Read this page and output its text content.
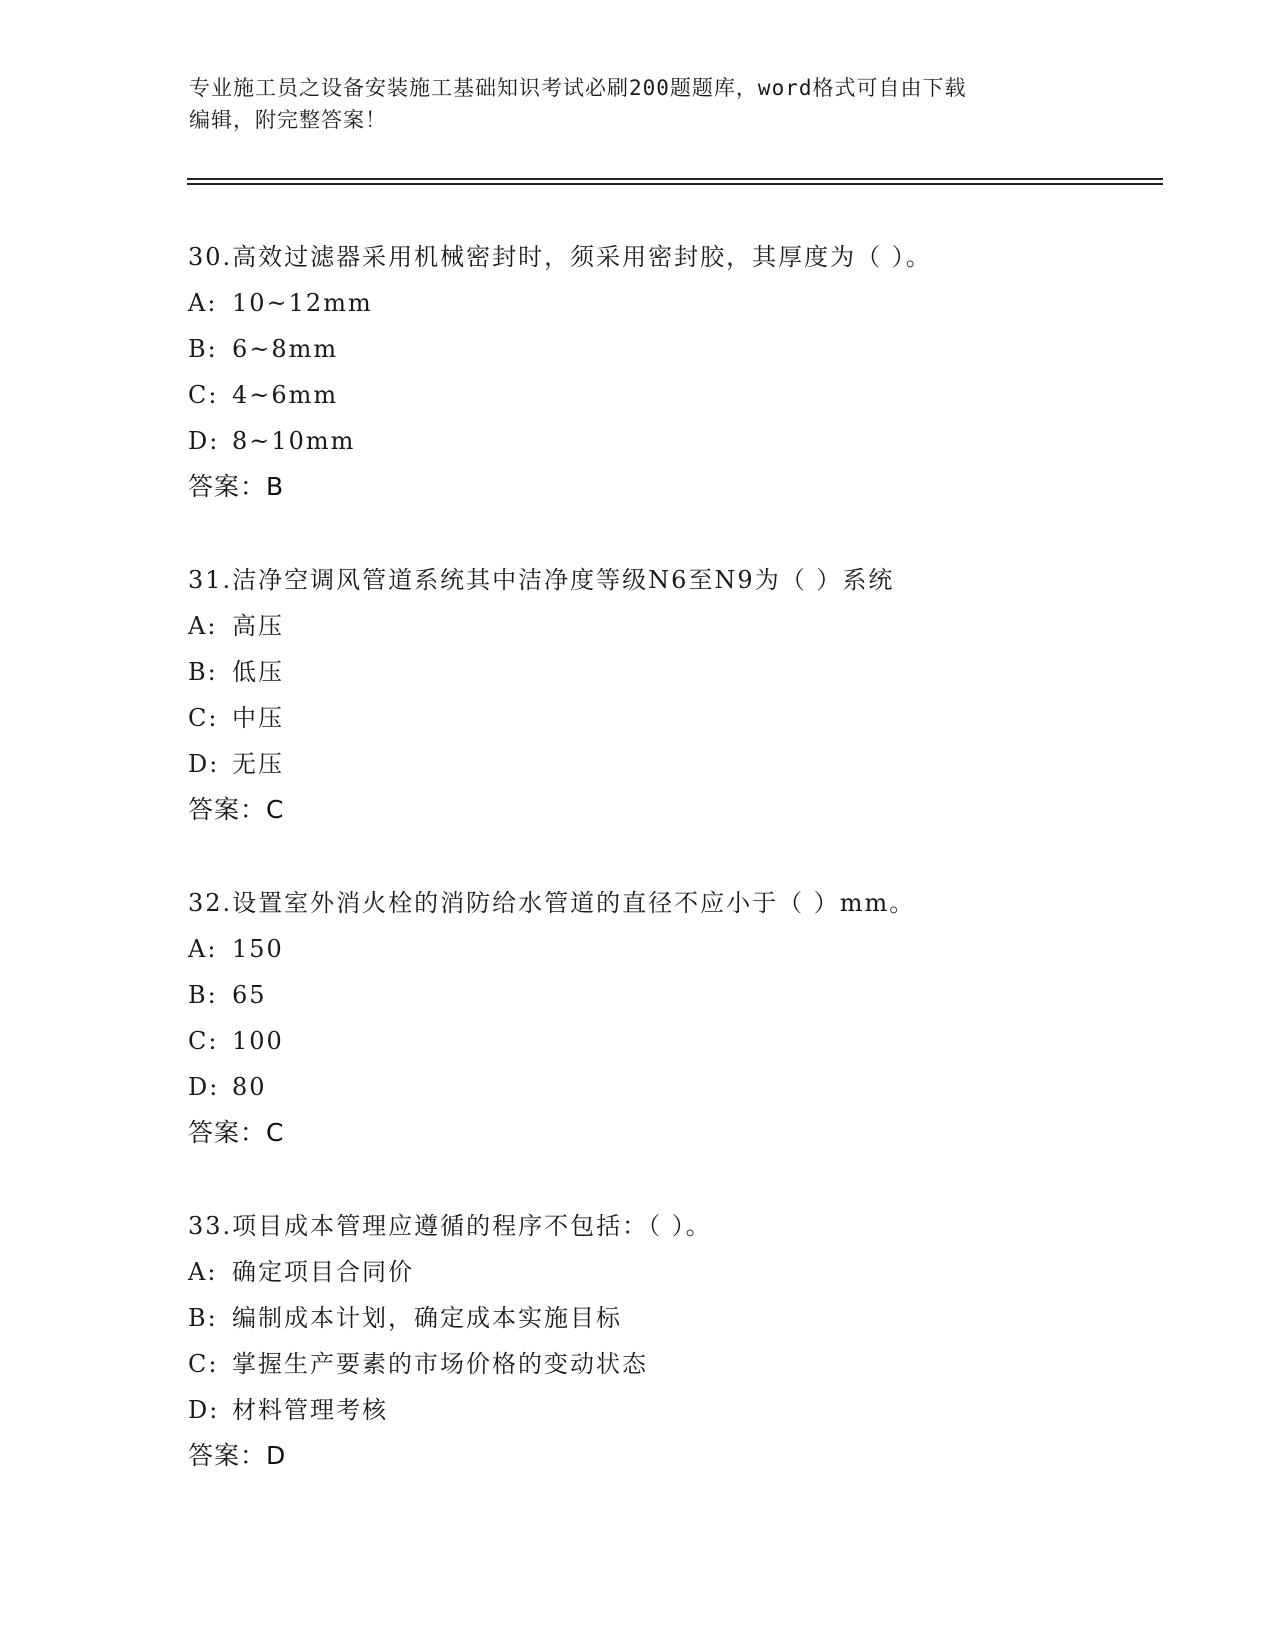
专业施工员之设备安装施工基础知识考试必刷200题题库，word格式可自由下载
编辑，附完整答案！
30.高效过滤器采用机械密封时，须采用密封胶，其厚度为（ ）。
A: 10~12mm
B: 6~8mm
C: 4~6mm
D: 8~10mm
答案：B
31.洁净空调风管道系统其中洁净度等级N6至N9为（ ）系统
A: 高压
B: 低压
C: 中压
D: 无压
答案：C
32.设置室外消火栓的消防给水管道的直径不应小于（ ）mm。
A: 150
B: 65
C: 100
D: 80
答案：C
33.项目成本管理应遵循的程序不包括：（ ）。
A: 确定项目合同价
B: 编制成本计划，确定成本实施目标
C: 掌握生产要素的市场价格的变动状态
D: 材料管理考核
答案：D
